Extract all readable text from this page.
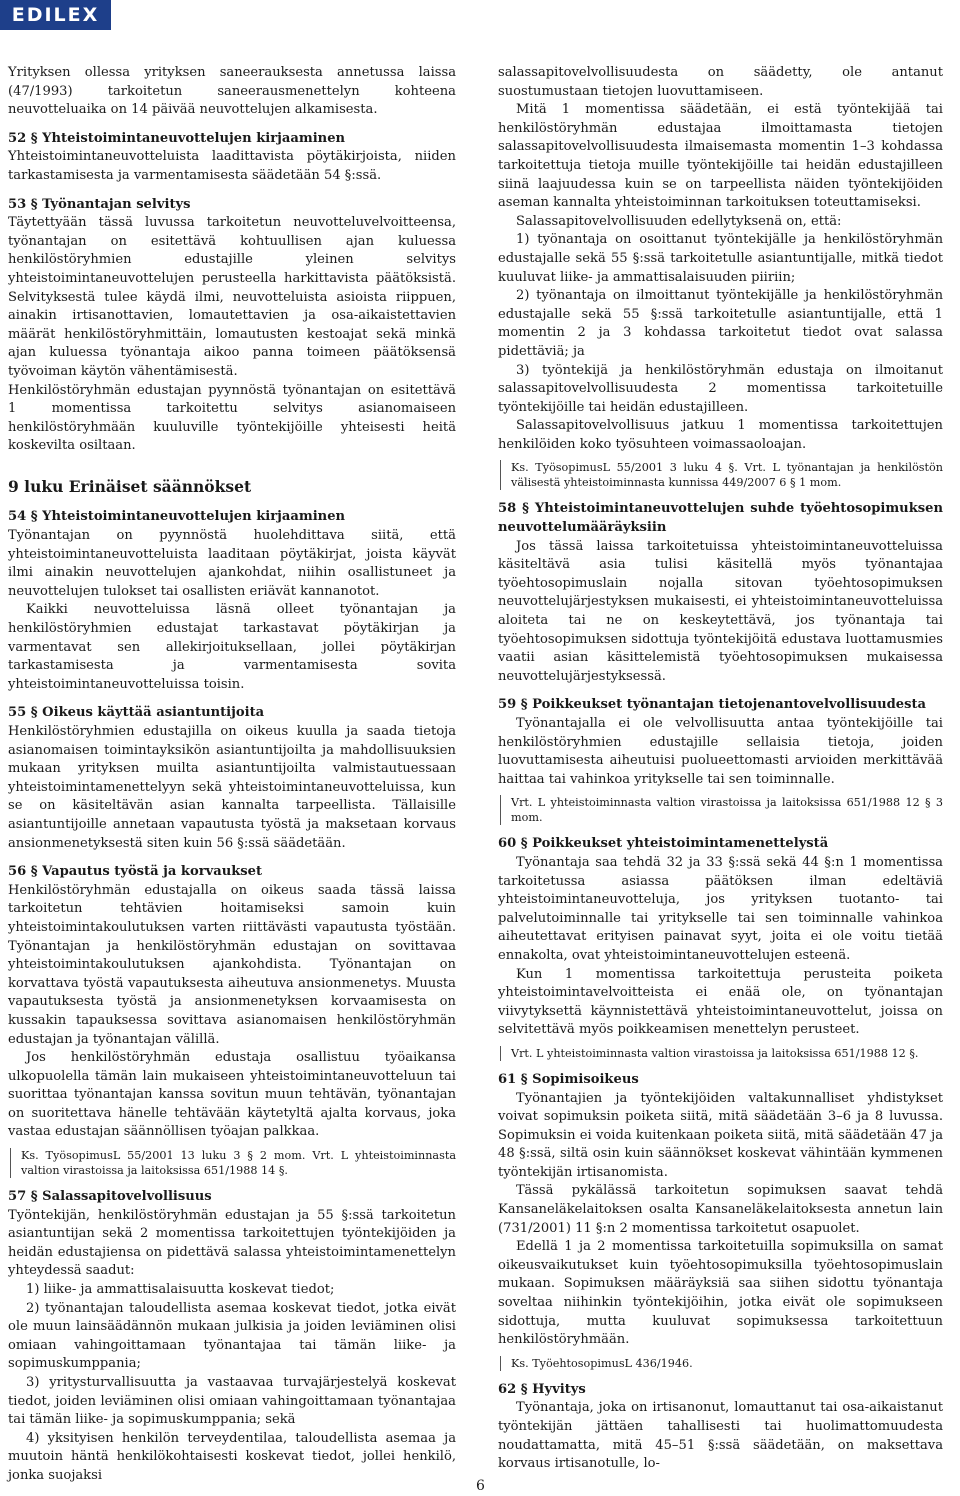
EDILEX

Yrityksen ollessa yrityksen saneerauksesta annetussa laissa (47/1993) tarkoitetun saneerausmenettelyn kohteena neuvotteluaika on 14 päivää neuvottelujen alkamisesta.

52 § Yhteistoimintaneuvottelujen kirjaaminen

Yhteistoimintaneuvotteluista laadittavista pöytäkirjoista, niiden tarkastamisesta ja varmentamisesta säädetään 54 §:ssä.

53 § Työnantajan selvitys

Täytettyään tässä luvussa tarkoitetun neuvotteluvelvoitteensa, työnantajan on esitettävä kohtuullisen ajan kuluessa henkilöstöryhmien edustajille yleinen selvitys yhteistoimintaneuvottelujen perusteella harkittavista päätöksistä. Selvityksestä tulee käydä ilmi, neuvotteluista asioista riippuen, ainakin irtisanottavien, lomautettavien ja osa-aikaistettavien määrät henkilöstöryhmittäin, lomautusten kestoajat sekä minkä ajan kuluessa työnantaja aikoo panna toimeen päätöksensä työvoiman käytön vähentämisestä.

Henkilöstöryhmän edustajan pyynnöstä työnantajan on esitettävä 1 momentissa tarkoitettu selvitys asianomaiseen henkilöstöryhmään kuuluville työntekijöille yhteisesti heitä koskevilta osiltaan.

9 luku Erinäiset säännökset

54 § Yhteistoimintaneuvottelujen kirjaaminen

Työnantajan on pyynnöstä huolehdittava siitä, että yhteistoimintaneuvotteluista laaditaan pöytäkirjat, joista käyvät ilmi ainakin neuvottelujen ajankohdat, niihin osallistuneet ja neuvottelujen tulokset tai osallisten eriävät kannanotot.

Kaikki neuvotteluissa läsnä olleet työnantajan ja henkilöstöryhmien edustajat tarkastavat pöytäkirjan ja varmentavat sen allekirjoituksellaan, jollei pöytäkirjan tarkastamisesta ja varmentamisesta sovita yhteistoimintaneuvotteluissa toisin.

55 § Oikeus käyttää asiantuntijoita

Henkilöstöryhmien edustajilla on oikeus kuulla ja saada tietoja asianomaisen toimintayksikön asiantuntijoilta ja mahdollisuuksien mukaan yrityksen muilta asiantuntijoilta valmistautuessaan yhteistoimintamenettelyyn sekä yhteistoimintaneuvotteluissa, kun se on käsiteltävän asian kannalta tarpeellista. Tällaisille asiantuntijoille annetaan vapautusta työstä ja maksetaan korvaus ansionmenetyksestä siten kuin 56 §:ssä säädetään.

56 § Vapautus työstä ja korvaukset

Henkilöstöryhmän edustajalla on oikeus saada tässä laissa tarkoitetun tehtävien hoitamiseksi samoin kuin yhteistoimintakoulutuksen varten riittävästi vapautusta työstään. Työnantajan ja henkilöstöryhmän edustajan on sovittavaa yhteistoimintakoulutuksen ajankohdista. Työnantajan on korvattava työstä vapautuksesta aiheutuva ansionmenetys. Muusta vapautuksesta työstä ja ansionmenetyksen korvaamisesta on kussakin tapauksessa sovittava asianomaisen henkilöstöryhmän edustajan ja työnantajan välillä.

Jos henkilöstöryhmän edustaja osallistuu työaikansa ulkopuolella tämän lain mukaiseen yhteistoimintaneuvotteluun tai suorittaa työnantajan kanssa sovitun muun tehtävän, työnantajan on suoritettava hänelle tehtävään käytetyltä ajalta korvaus, joka vastaa edustajan säännöllisen työajan palkkaa.

Ks. TyösopimusL 55/2001 13 luku 3 § 2 mom. Vrt. L yhteistoiminnasta valtion virastoissa ja laitoksissa 651/1988 14 §.

57 § Salassapitovelvollisuus

Työntekijän, henkilöstöryhmän edustajan ja 55 §:ssä tarkoitetun asiantuntijan sekä 2 momentissa tarkoitettujen työntekijöiden ja heidän edustajiensa on pidettävä salassa yhteistoimintamenettelyn yhteydessä saadut:

1) liike- ja ammattisalaisuutta koskevat tiedot;

2) työnantajan taloudellista asemaa koskevat tiedot, jotka eivät ole muun lainsäädännön mukaan julkisia ja joiden leviäminen olisi omiaan vahingoittamaan työnantajaa tai tämän liike- ja sopimuskumppania;

3) yritysturvallisuutta ja vastaavaa turvajärjestelyä koskevat tiedot, joiden leviäminen olisi omiaan vahingoittamaan työnantajaa tai tämän liike- ja sopimuskumppania; sekä

4) yksityisen henkilön terveydentilaa, taloudellista asemaa ja muutoin häntä henkilökohtaisesti koskevat tiedot, jollei henkilö, jonka suojaksi

salassapitovelvollisuudesta on säädetty, ole antanut suostumustaan tietojen luovuttamiseen.

Mitä 1 momentissa säädetään, ei estä työntekijää tai henkilöstöryhmän edustajaa ilmoittamasta tietojen salassapitovelvollisuudesta ilmaisemasta momentin 1–3 kohdassa tarkoitettuja tietoja muille työntekijöille tai heidän edustajilleen siinä laajuudessa kuin se on tarpeellista näiden työntekijöiden aseman kannalta yhteistoiminnan tarkoituksen toteuttamiseksi.

Salassapitovelvollisuuden edellytyksenä on, että:

1) työnantaja on osoittanut työntekijälle ja henkilöstöryhmän edustajalle sekä 55 §:ssä tarkoitetulle asiantuntijalle, mitkä tiedot kuuluvat liike- ja ammattisalaisuuden piiriin;

2) työnantaja on ilmoittanut työntekijälle ja henkilöstöryhmän edustajalle sekä 55 §:ssä tarkoitetulle asiantuntijalle, että 1 momentin 2 ja 3 kohdassa tarkoitetut tiedot ovat salassa pidettäviä; ja

3) työntekijä ja henkilöstöryhmän edustaja on ilmoitanut salassapitovelvollisuudesta 2 momentissa tarkoitetuille työntekijöille tai heidän edustajilleen.

Salassapitovelvollisuus jatkuu 1 momentissa tarkoitettujen henkilöiden koko työsuhteen voimassaoloajan.

Ks. TyösopimusL 55/2001 3 luku 4 §. Vrt. L työnantajan ja henkilöstön välisestä yhteistoiminnasta kunnissa 449/2007 6 § 1 mom.

58 § Yhteistoimintaneuvottelujen suhde työehtosopimuksen neuvottelumääräyksiin

Jos tässä laissa tarkoitetuissa yhteistoimintaneuvotteluissa käsiteltävä asia tulisi käsitellä myös työnantajaa työehtosopimuslain nojalla sitovan työehtosopimuksen neuvottelujärjestyksen mukaisesti, ei yhteistoimintaneuvotteluissa aloiteta tai ne on keskeytettävä, jos työnantaja tai työehtosopimuksen sidottuja työntekijöitä edustava luottamusmies vaatii asian käsittelemistä työehtosopimuksen mukaisessa neuvottelujärjestyksessä.

59 § Poikkeukset työnantajan tietojenantovelvollisuudesta

Työnantajalla ei ole velvollisuutta antaa työntekijöille tai henkilöstöryhmien edustajille sellaisia tietoja, joiden luovuttamisesta aiheutuisi puolueettomasti arvioiden merkittävää haittaa tai vahinkoa yritykselle tai sen toiminnalle.

Vrt. L yhteistoiminnasta valtion virastoissa ja laitoksissa 651/1988 12 § 3 mom.

60 § Poikkeukset yhteistoimintamenettelystä

Työnantaja saa tehdä 32 ja 33 §:ssä sekä 44 §:n 1 momentissa tarkoitetussa asiassa päätöksen ilman edeltäviä yhteistoimintaneuvotteluja, jos yrityksen tuotanto- tai palvelutoiminnalle tai yritykselle tai sen toiminnalle vahinkoa aiheutettavat erityisen painavat syyt, joita ei ole voitu tietää ennakolta, ovat yhteistoimintaneuvottelujen esteenä.

Kun 1 momentissa tarkoitettuja perusteita poiketa yhteistoimintavelvoitteista ei enää ole, on työnantajan viivytyksettä käynnistettävä yhteistoimintaneuvottelut, joissa on selvitettävä myös poikkeamisen menettelyn perusteet.

Vrt. L yhteistoiminnasta valtion virastoissa ja laitoksissa 651/1988 12 §.

61 § Sopimisoikeus

Työnantajien ja työntekijöiden valtakunnalliset yhdistykset voivat sopimuksin poiketa siitä, mitä säädetään 3–6 ja 8 luvussa. Sopimuksin ei voida kuitenkaan poiketa siitä, mitä säädetään 47 ja 48 §:ssä, siltä osin kuin säännökset koskevat vähintään kymmenen työntekijän irtisanomista.

Tässä pykälässä tarkoitetun sopimuksen saavat tehdä Kansaneläkelaitoksen osalta Kansaneläkelaitoksesta annetun lain (731/2001) 11 §:n 2 momentissa tarkoitetut osapuolet.

Edellä 1 ja 2 momentissa tarkoitetuilla sopimuksilla on samat oikeusvaikutukset kuin työehtosopimuksilla työehtosopimuslain mukaan. Sopimuksen määräyksiä saa siihen sidottu työnantaja soveltaa niihinkin työntekijöihin, jotka eivät ole sopimukseen sidottuja, mutta kuuluvat sopimuksessa tarkoitettuun henkilöstöryhmään.

Ks. TyöehtosopimusL 436/1946.

62 § Hyvitys

Työnantaja, joka on irtisanonut, lomauttanut tai osa-aikaistanut työntekijän jättäen tahallisesti tai huolimattomuudesta noudattamatta, mitä 45–51 §:ssä säädetään, on maksettava korvaus irtisanotulle, lo-

6
